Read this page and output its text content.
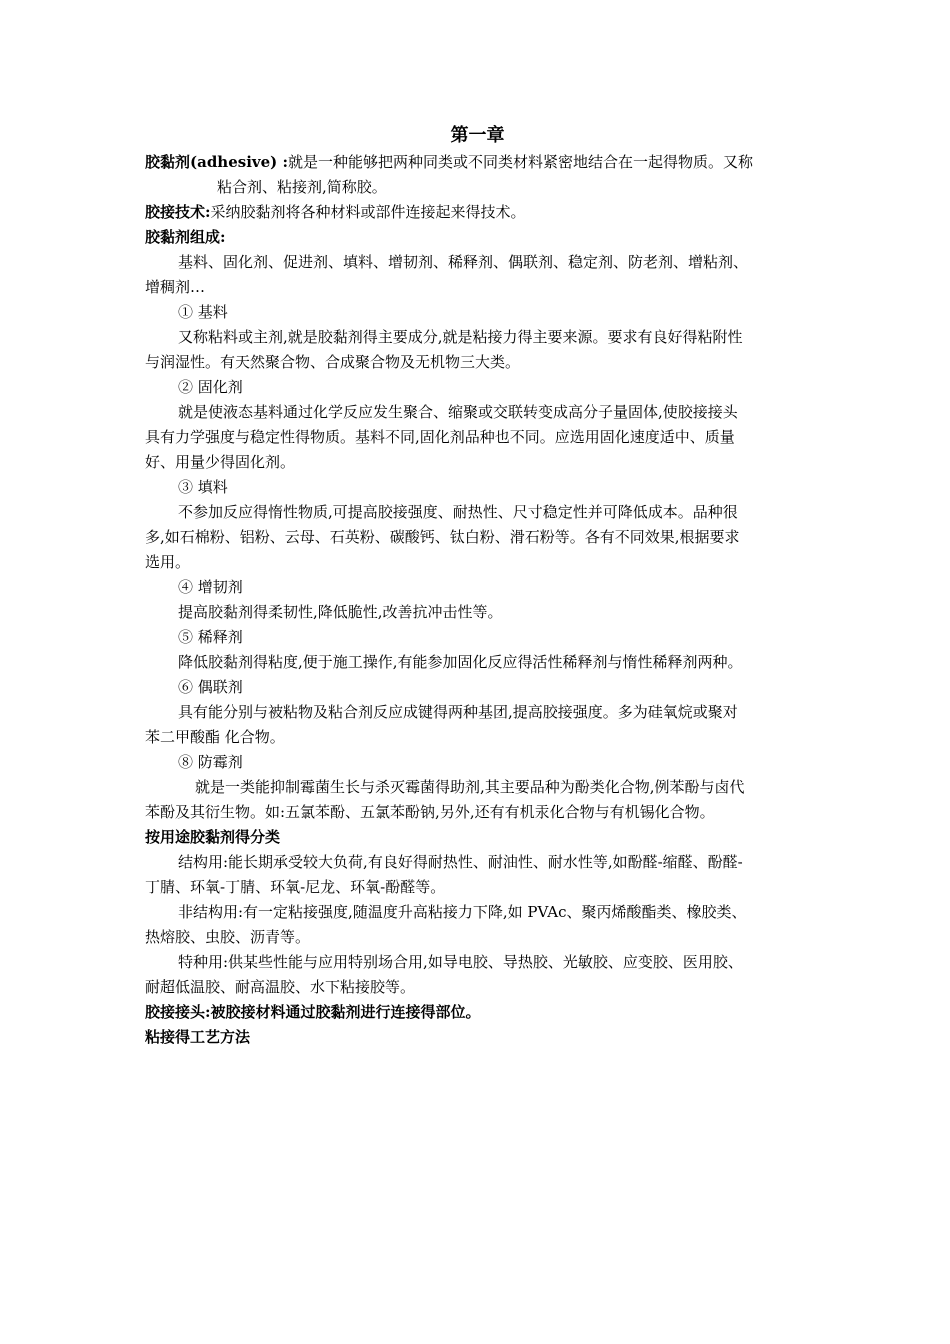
第一章

胶黏剂(adhesive) :就是一种能够把两种同类或不同类材料紧密地结合在一起得物质。又称

粘合剂、粘接剂,简称胶。

胶接技术:采纳胶黏剂将各种材料或部件连接起来得技术。

胶黏剂组成:

基料、固化剂、促进剂、填料、增韧剂、稀释剂、偶联剂、稳定剂、防老剂、增粘剂、

增稠剂…

① 基料

又称粘料或主剂,就是胶黏剂得主要成分,就是粘接力得主要来源。要求有良好得粘附性

与润湿性。有天然聚合物、合成聚合物及无机物三大类。

② 固化剂

就是使液态基料通过化学反应发生聚合、缩聚或交联转变成高分子量固体,使胶接接头

具有力学强度与稳定性得物质。基料不同,固化剂品种也不同。应选用固化速度适中、质量

好、用量少得固化剂。

③ 填料

不参加反应得惰性物质,可提高胶接强度、耐热性、尺寸稳定性并可降低成本。品种很

多,如石棉粉、铝粉、云母、石英粉、碳酸钙、钛白粉、滑石粉等。各有不同效果,根据要求

选用。

④ 增韧剂

提高胶黏剂得柔韧性,降低脆性,改善抗冲击性等。

⑤ 稀释剂

降低胶黏剂得粘度,便于施工操作,有能参加固化反应得活性稀释剂与惰性稀释剂两种。

⑥ 偶联剂

具有能分别与被粘物及粘合剂反应成键得两种基团,提高胶接强度。多为硅氧烷或聚对

苯二甲酸酯 化合物。

⑧ 防霉剂

就是一类能抑制霉菌生长与杀灭霉菌得助剂,其主要品种为酚类化合物,例苯酚与卤代

苯酚及其衍生物。如:五氯苯酚、五氯苯酚钠,另外,还有有机汞化合物与有机锡化合物。

按用途胶黏剂得分类

结构用:能长期承受较大负荷,有良好得耐热性、耐油性、耐水性等,如酚醛-缩醛、酚醛-

丁腈、环氧-丁腈、环氧-尼龙、环氧-酚醛等。

非结构用:有一定粘接强度,随温度升高粘接力下降,如 PVAc、聚丙烯酸酯类、橡胶类、

热熔胶、虫胶、沥青等。

特种用:供某些性能与应用特别场合用,如导电胶、导热胶、光敏胶、应变胶、医用胶、

耐超低温胶、耐高温胶、水下粘接胶等。

胶接接头:被胶接材料通过胶黏剂进行连接得部位。

粘接得工艺方法
